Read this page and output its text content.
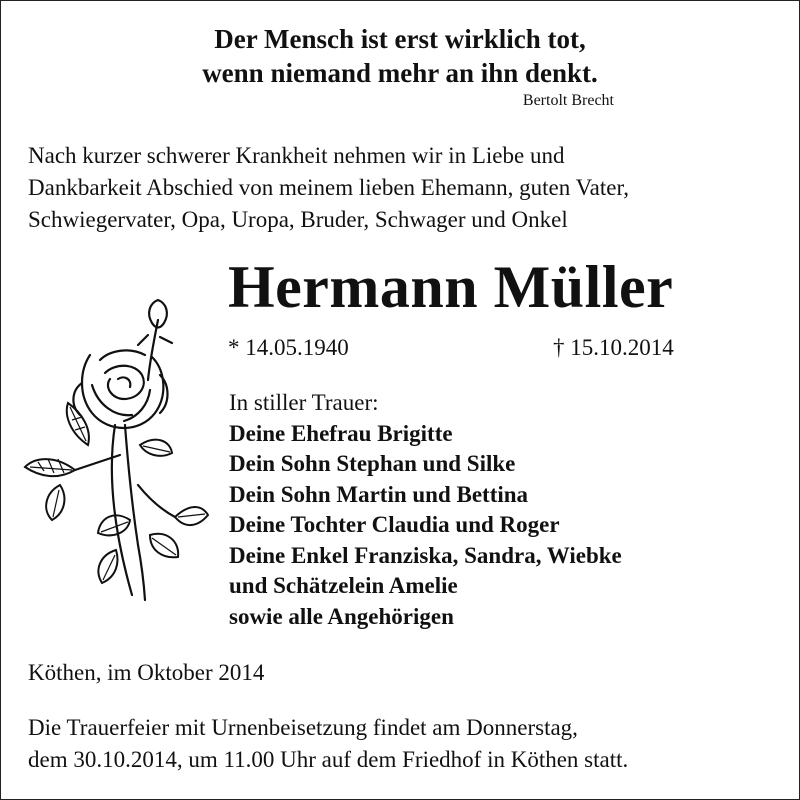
Der Mensch ist erst wirklich tot,
wenn niemand mehr an ihn denkt.
Bertolt Brecht
Nach kurzer schwerer Krankheit nehmen wir in Liebe und
Dankbarkeit Abschied von meinem lieben Ehemann, guten Vater,
Schwiegervater, Opa, Uropa, Bruder, Schwager und Onkel
Hermann Müller
* 14.05.1940	† 15.10.2014
In stiller Trauer:
Deine Ehefrau Brigitte
Dein Sohn Stephan und Silke
Dein Sohn Martin und Bettina
Deine Tochter Claudia und Roger
Deine Enkel Franziska, Sandra, Wiebke
und Schätzelein Amelie
sowie alle Angehörigen
Köthen, im Oktober 2014
Die Trauerfeier mit Urnenbeisetzung findet am Donnerstag,
dem 30.10.2014, um 11.00 Uhr auf dem Friedhof in Köthen statt.
